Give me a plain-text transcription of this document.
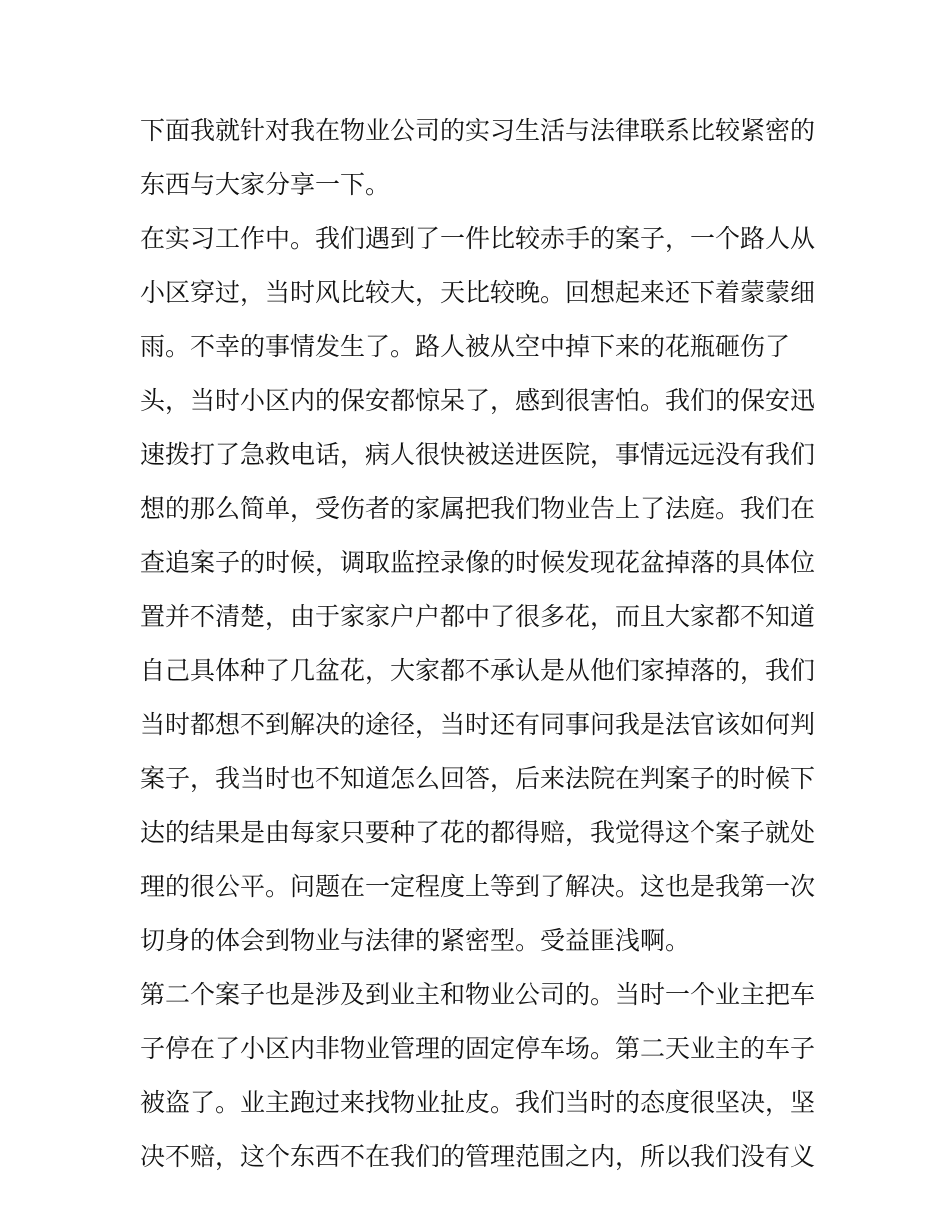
下面我就针对我在物业公司的实习生活与法律联系比较紧密的
东西与大家分享一下。
在实习工作中。我们遇到了一件比较赤手的案子，一个路人从
小区穿过，当时风比较大，天比较晚。回想起来还下着蒙蒙细
雨。不幸的事情发生了。路人被从空中掉下来的花瓶砸伤了
头，当时小区内的保安都惊呆了，感到很害怕。我们的保安迅
速拨打了急救电话，病人很快被送进医院，事情远远没有我们
想的那么简单，受伤者的家属把我们物业告上了法庭。我们在
查追案子的时候，调取监控录像的时候发现花盆掉落的具体位
置并不清楚，由于家家户户都中了很多花，而且大家都不知道
自己具体种了几盆花，大家都不承认是从他们家掉落的，我们
当时都想不到解决的途径，当时还有同事问我是法官该如何判
案子，我当时也不知道怎么回答，后来法院在判案子的时候下
达的结果是由每家只要种了花的都得赔，我觉得这个案子就处
理的很公平。问题在一定程度上等到了解决。这也是我第一次
切身的体会到物业与法律的紧密型。受益匪浅啊。
第二个案子也是涉及到业主和物业公司的。当时一个业主把车
子停在了小区内非物业管理的固定停车场。第二天业主的车子
被盗了。业主跑过来找物业扯皮。我们当时的态度很坚决，坚
决不赔，这个东西不在我们的管理范围之内，所以我们没有义
